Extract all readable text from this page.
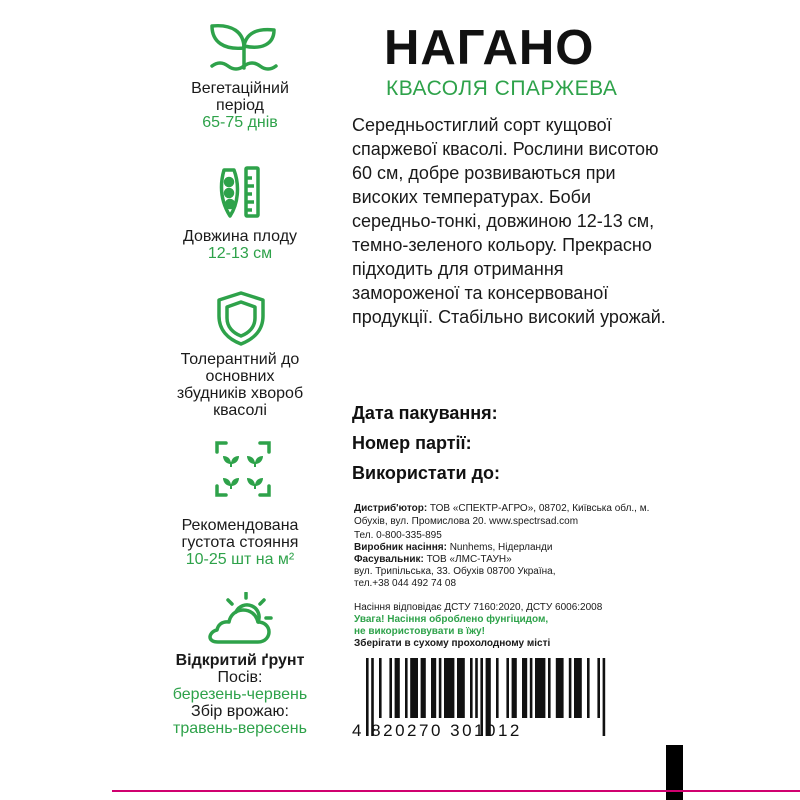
Вегетаційний
період
65-75 днів
Довжина плоду
12-13 см
Толерантний до
основних
збудників хвороб
квасолі
Рекомендована
густота стояння
10-25 шт на м²
Відкритий ґрунт
Посів:
березень-червень
Збір врожаю:
травень-вересень
НАГАНО
КВАСОЛЯ СПАРЖЕВА
Середньостиглий сорт кущової спаржевої квасолі. Рослини висотою 60 см, добре розвиваються при високих температурах. Боби середньо-тонкі, довжиною 12-13 см, темно-зеленого кольору. Прекрасно підходить для отримання замороженої та консервованої продукції. Стабільно високий урожай.
Дата пакування:
Номер партії:
Використати до:
Дистриб'ютор: ТОВ «СПЕКТР-АГРО», 08702, Київська обл., м. Обухів, вул. Промислова 20. www.spectrsad.com
Тел. 0-800-335-895
Виробник насіння: Nunhems, Нідерланди
Фасувальник: ТОВ «ЛМС-ТАУН»
вул. Трипільська, 33. Обухів 08700 Україна,
тел.+38 044 492 74 08
Насіння відповідає ДСТУ 7160:2020, ДСТУ 6006:2008
Увага! Насіння оброблено фунгіцидом,
не використовувати в їжу!
Зберігати в сухому прохолодному місті
4 820270 301012
